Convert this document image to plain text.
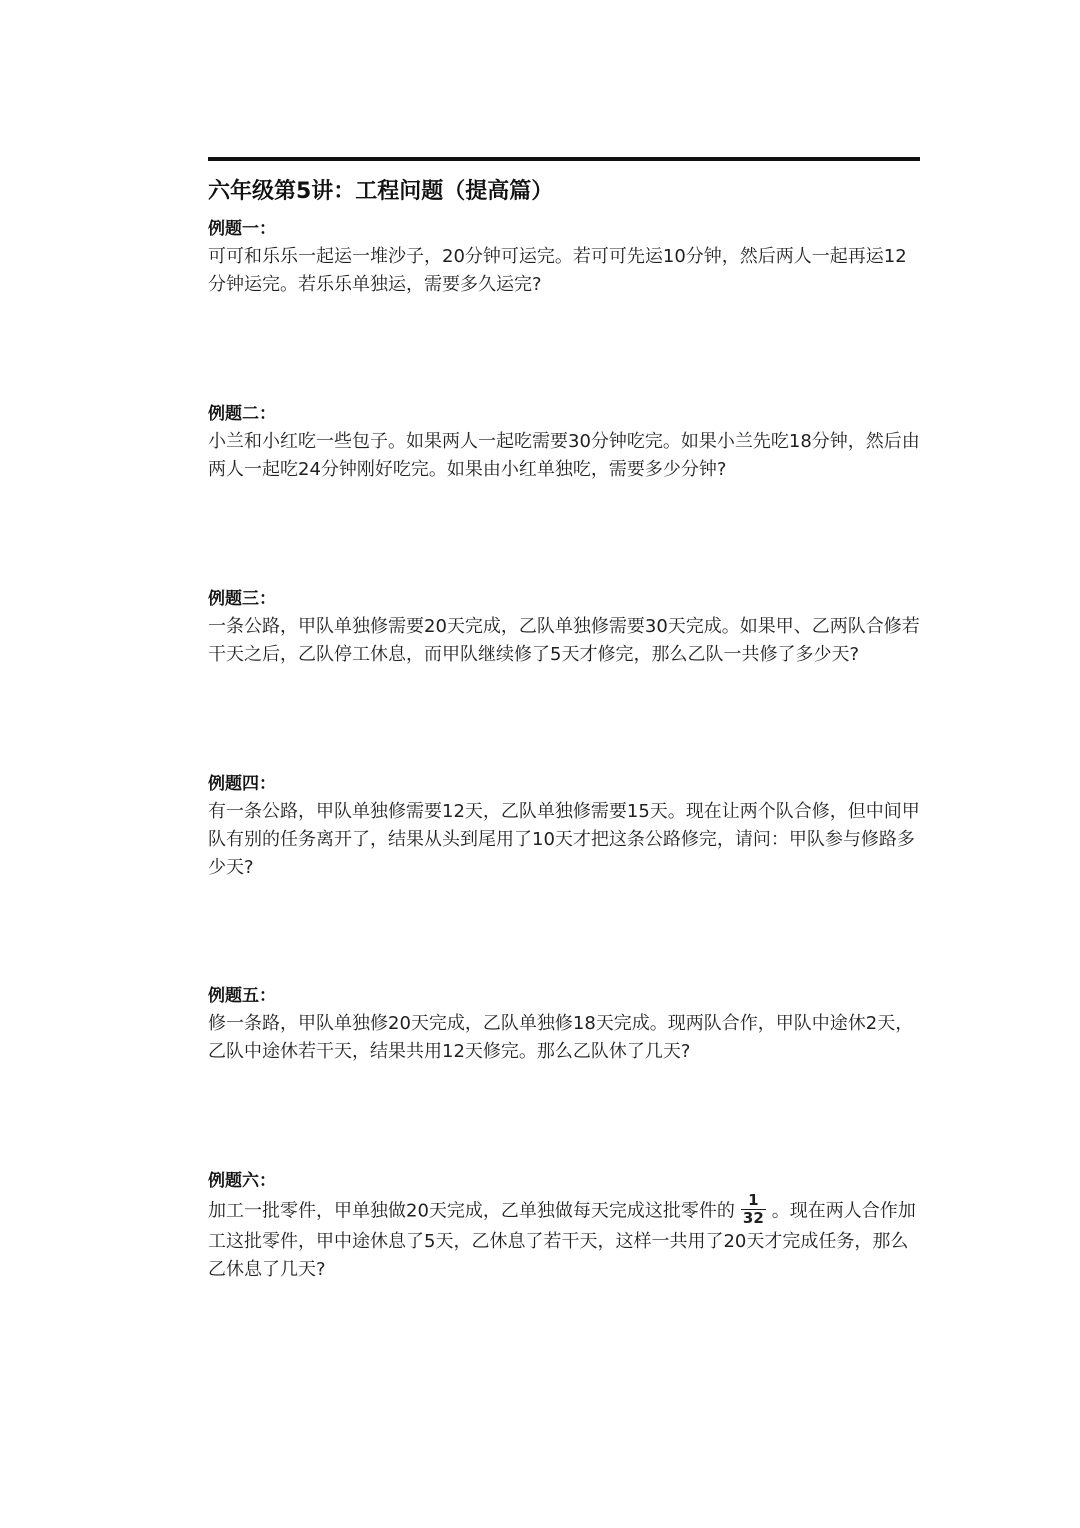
六年级第5讲：工程问题（提高篇）
例题一：

可可和乐乐一起运一堆沙子，20分钟可运完。若可可先运10分钟，然后两人一起再运12分钟运完。若乐乐单独运，需要多久运完?

例题二：

小兰和小红吃一些包子。如果两人一起吃需要30分钟吃完。如果小兰先吃18分钟，然后由两人一起吃24分钟刚好吃完。如果由小红单独吃，需要多少分钟?

例题三：

一条公路，甲队单独修需要20天完成，乙队单独修需要30天完成。如果甲、乙两队合修若干天之后，乙队停工休息，而甲队继续修了5天才修完，那么乙队一共修了多少天?

例题四：

有一条公路，甲队单独修需要12天，乙队单独修需要15天。现在让两个队合修，但中间甲队有别的任务离开了，结果从头到尾用了10天才把这条公路修完，请问：甲队参与修路多少天?

例题五：

修一条路，甲队单独修20天完成，乙队单独修18天完成。现两队合作，甲队中途休2天，乙队中途休若干天，结果共用12天修完。那么乙队休了几天?

例题六：

加工一批零件，甲单独做20天完成，乙单独做每天完成这批零件的 $\frac{1}{32}$ 。现在两人合作加工这批零件，甲中途休息了5天，乙休息了若干天，这样一共用了20天才完成任务，那么乙休息了几天?
